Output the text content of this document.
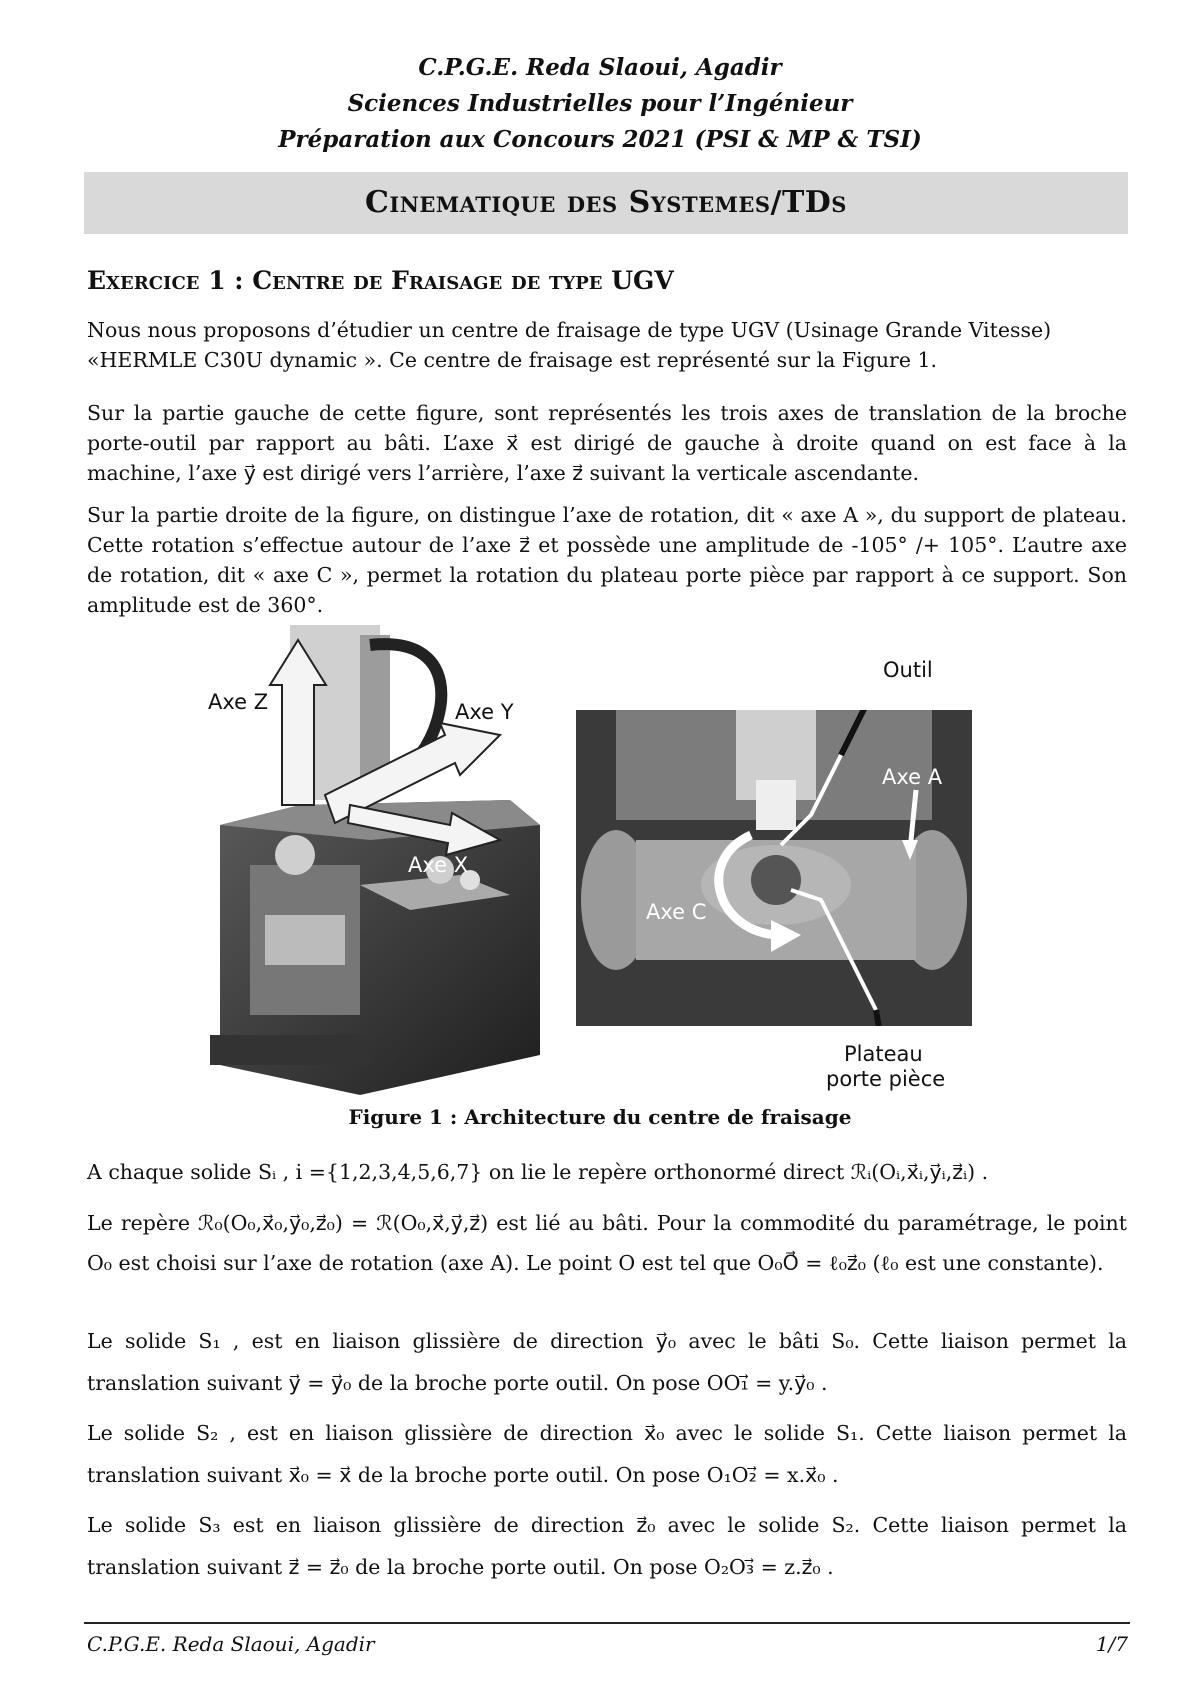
C.P.G.E. Reda Slaoui, Agadir
Sciences Industrielles pour l’Ingénieur
Préparation aux Concours 2021 (PSI & MP & TSI)
Cinematique des Systemes/TDs
Exercice 1 : Centre de Fraisage de type UGV

Nous nous proposons d’étudier un centre de fraisage de type UGV (Usinage Grande Vitesse) «HERMLE C30U dynamic ». Ce centre de fraisage est représenté sur la Figure 1.

Sur la partie gauche de cette figure, sont représentés les trois axes de translation de la broche porte-outil par rapport au bâti. L’axe x⃗ est dirigé de gauche à droite quand on est face à la machine, l’axe y⃗ est dirigé vers l’arrière, l’axe z⃗ suivant la verticale ascendante.

Sur la partie droite de la figure, on distingue l’axe de rotation, dit « axe A », du support de plateau. Cette rotation s’effectue autour de l’axe z⃗ et possède une amplitude de -105° /+ 105°. L’autre axe de rotation, dit « axe C », permet la rotation du plateau porte pièce par rapport à ce support. Son amplitude est de 360°.

Axe Z	Axe Y
Axe X
Outil
Axe A
Axe C
Plateau
porte pièce
Figure 1 : Architecture du centre de fraisage

A chaque solide Sᵢ , i ={1,2,3,4,5,6,7} on lie le repère orthonormé direct ℛᵢ(Oᵢ,x⃗ᵢ,y⃗ᵢ,z⃗ᵢ) .

Le repère ℛ₀(O₀,x⃗₀,y⃗₀,z⃗₀) = ℛ(O₀,x⃗,y⃗,z⃗) est lié au bâti. Pour la commodité du paramétrage, le point O₀ est choisi sur l’axe de rotation (axe A). Le point O est tel que O₀O⃗ = ℓ₀z⃗₀ (ℓ₀ est une constante).

Le solide S₁ , est en liaison glissière de direction y⃗₀ avec le bâti S₀. Cette liaison permet la translation suivant y⃗ = y⃗₀ de la broche porte outil. On pose OO₁⃗ = y.y⃗₀ .

Le solide S₂ , est en liaison glissière de direction x⃗₀ avec le solide S₁. Cette liaison permet la translation suivant x⃗₀ = x⃗ de la broche porte outil. On pose O₁O₂⃗ = x.x⃗₀ .

Le solide S₃ est en liaison glissière de direction z⃗₀ avec le solide S₂. Cette liaison permet la translation suivant z⃗ = z⃗₀ de la broche porte outil. On pose O₂O₃⃗ = z.z⃗₀ .

C.P.G.E. Reda Slaoui, Agadir	1/7
